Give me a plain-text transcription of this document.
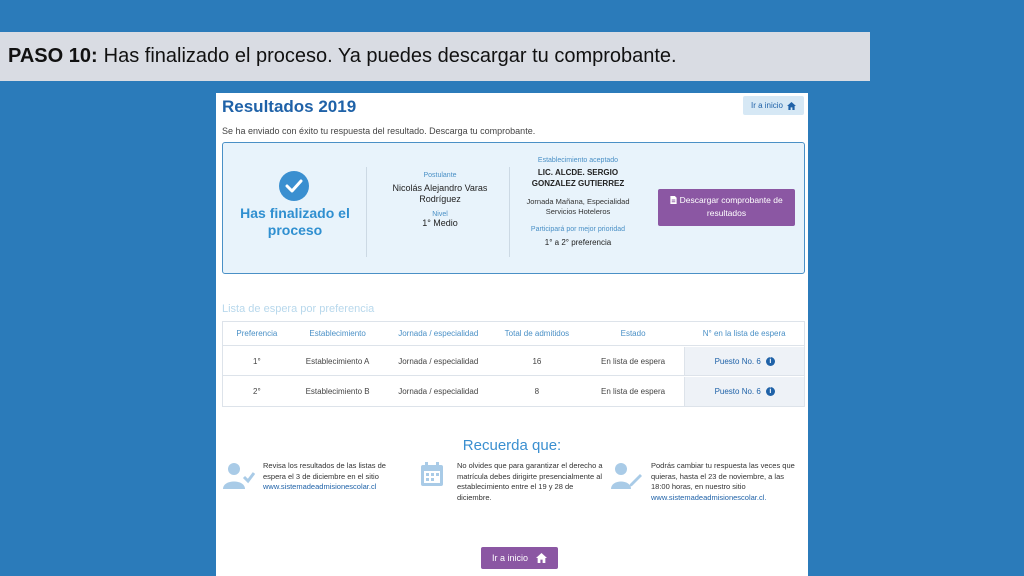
PASO 10: Has finalizado el proceso. Ya puedes descargar tu comprobante.
Resultados 2019	Ir a inicio
Se ha enviado con éxito tu respuesta del resultado. Descarga tu comprobante.
Has finalizado el proceso
Postulante
Nicolás Alejandro Varas Rodríguez
Nivel
1° Medio
Establecimiento aceptado
LIC. ALCDE. SERGIO GONZALEZ GUTIERREZ
Jornada Mañana, Especialidad Servicios Hoteleros
Participará por mejor prioridad
1° a 2° preferencia
Descargar comprobante de resultados
Lista de espera por preferencia
Preferencia	Establecimiento	Jornada / especialidad	Total de admitidos	Estado	N° en la lista de espera
1°	Establecimiento A	Jornada / especialidad	16	En lista de espera	Puesto No. 6	i
2°	Establecimiento B	Jornada / especialidad	8	En lista de espera	Puesto No. 6	i
Recuerda que:
Revisa los resultados de las listas de espera el 3 de diciembre en el sitio
www.sistemadeadmisionescolar.cl
No olvides que para garantizar el derecho a matrícula debes dirigirte presencialmente al establecimiento entre el 19 y 28 de diciembre.
Podrás cambiar tu respuesta las veces que quieras, hasta el 23 de noviembre, a las 18:00 horas, en nuestro sitio
www.sistemadeadmisionescolar.cl.
Ir a inicio
